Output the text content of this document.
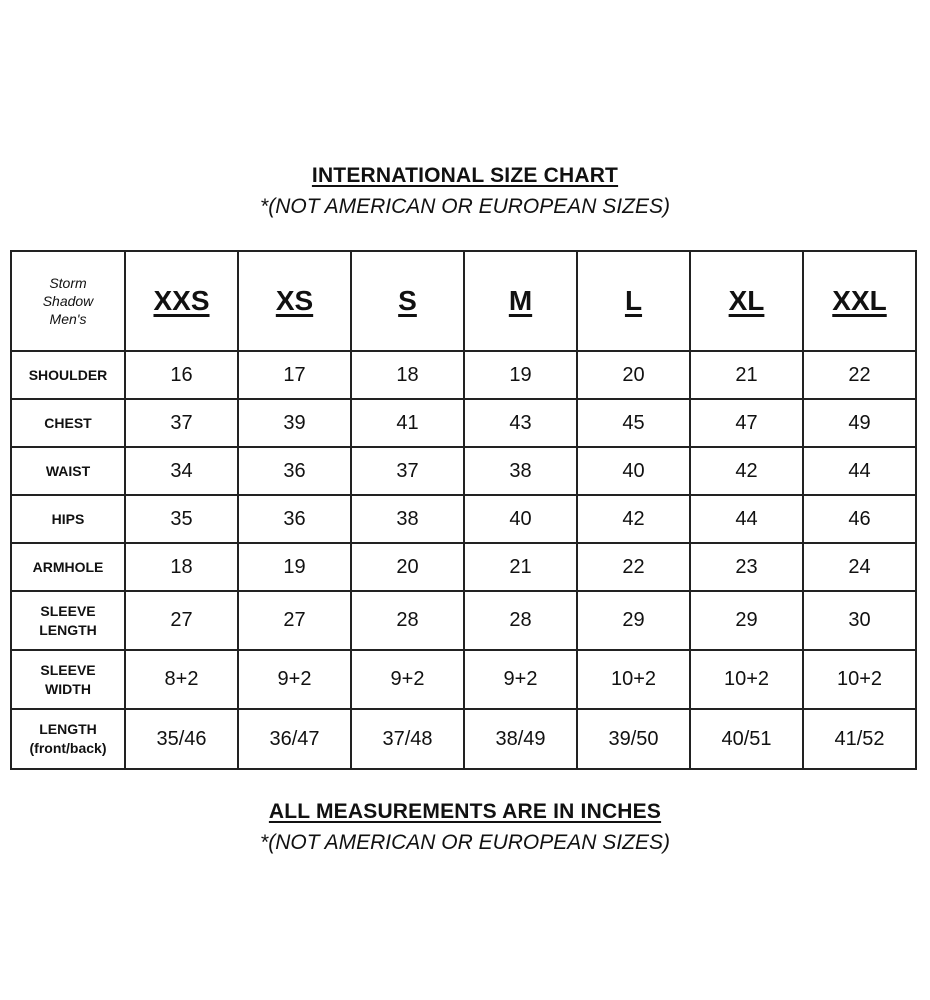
INTERNATIONAL SIZE CHART
*(NOT AMERICAN OR EUROPEAN SIZES)
Storm
Shadow
Men's	XXS	XS	S	M	L	XL	XXL

SHOULDER	16	17	18	19	20	21	22

CHEST	37	39	41	43	45	47	49

WAIST	34	36	37	38	40	42	44

HIPS	35	36	38	40	42	44	46

ARMHOLE	18	19	20	21	22	23	24

SLEEVE
LENGTH	27	27	28	28	29	29	30

SLEEVE
WIDTH	8+2	9+2	9+2	9+2	10+2	10+2	10+2

LENGTH
(front/back)	35/46	36/47	37/48	38/49	39/50	40/51	41/52
ALL MEASUREMENTS ARE IN INCHES
*(NOT AMERICAN OR EUROPEAN SIZES)
